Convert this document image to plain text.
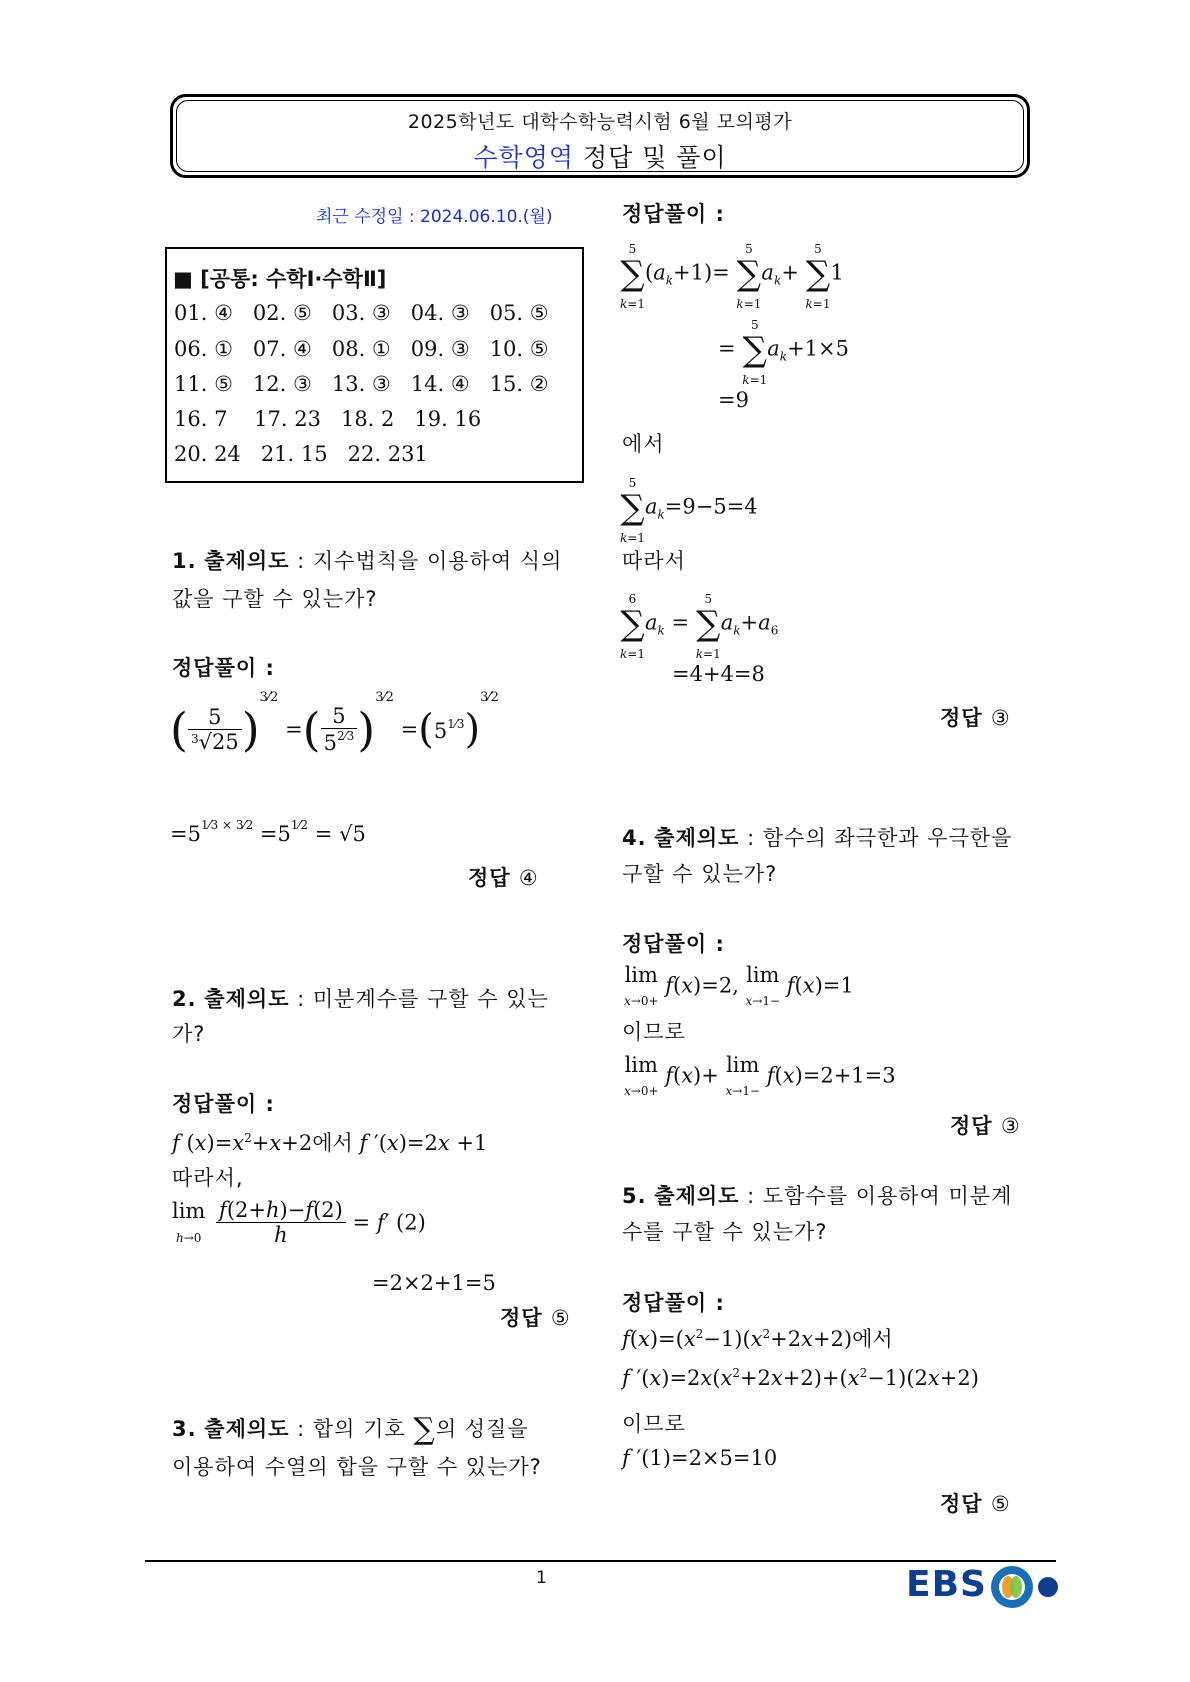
2025학년도 대학수학능력시험 6월 모의평가
수학영역 정답 및 풀이
최근 수정일 : 2024.06.10.(월)
■ [공통: 수학Ⅰ·수학Ⅱ]
01. ④   02. ⑤   03. ③   04. ③   05. ⑤
06. ①   07. ④   08. ①   09. ③   10. ⑤
11. ⑤   12. ③   13. ③   14. ④   15. ②
16. 7    17. 23   18. 2   19. 16
20. 24   21. 15   22. 231
1. 출제의도 : 지수법칙을 이용하여 식의
값을 구할 수 있는가?
정답풀이 :
( $\frac{5}{^3√25} )^{3⁄2}$ =( $\frac{5}{5^{2⁄3}} )^{3⁄2} =(5^{1⁄3})^{3⁄2}$
$=5^{1⁄3 \times 3⁄2} =5^{1⁄2} = √5$
정답 ④
2. 출제의도 : 미분계수를 구할 수 있는
가?
정답풀이 :
f $(x)=x^2+x+2$에서 f ′(x)=2x +1
따라서,
lim
$h\to 0 \frac{f(2+h)-f(2)}{h} = f'$ (2)
=2×2+1=5
정답 ⑤
3. 출제의도 : 합의 기호 ∑의 성질을
이용하여 수열의 합을 구할 수 있는가?
정답풀이 :
5
∑
$k=1(a_k+1)= 5$
∑
$k=1a_k+ 5$
∑
k=11
= 5
∑
$k=1a_k+1\times 5$
=9
에서
5
∑
$k=1a_k=9-5=4$
따라서
6
∑
$k=1a_k = 5$
∑
$k=1a_k+a_6$
=4+4=8
정답 ③
4. 출제의도 : 함수의 좌극한과 우극한을
구할 수 있는가?
정답풀이 :
lim
x→0+ f(x)=2, lim
x→1− f(x)=1
이므로
lim
x→0+ f(x)+ lim
x→1− f(x)=2+1=3
정답 ③
5. 출제의도 : 도함수를 이용하여 미분계
수를 구할 수 있는가?
정답풀이 :
$f(x)=(x^2-1)(x^2+2x+2)$에서
f $'(x)=2x(x^2+2x+2)+(x^2-1)(2x+2)$
이므로
f ′(1)=2×5=10
정답 ⑤
1	EBS
